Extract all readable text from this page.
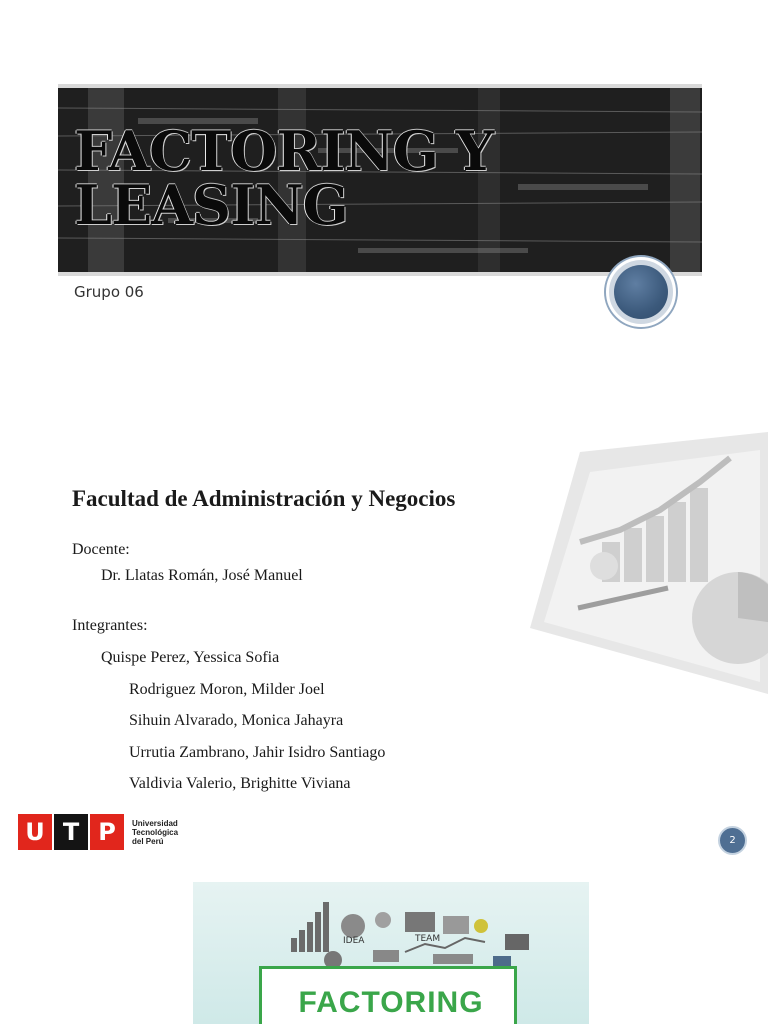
FACTORING Y
LEASING
Grupo 06
Facultad de Administración y Negocios
Docente:
Dr. Llatas Román, José Manuel
Integrantes:
Quispe Perez, Yessica Sofia
Rodriguez Moron, Milder Joel
Sihuin Alvarado, Monica Jahayra
Urrutia Zambrano, Jahir Isidro Santiago
Valdivia Valerio, Brighitte Viviana
U T P	Universidad
Tecnológica
del Perú	2
IDEA	TEAM
FACTORING
